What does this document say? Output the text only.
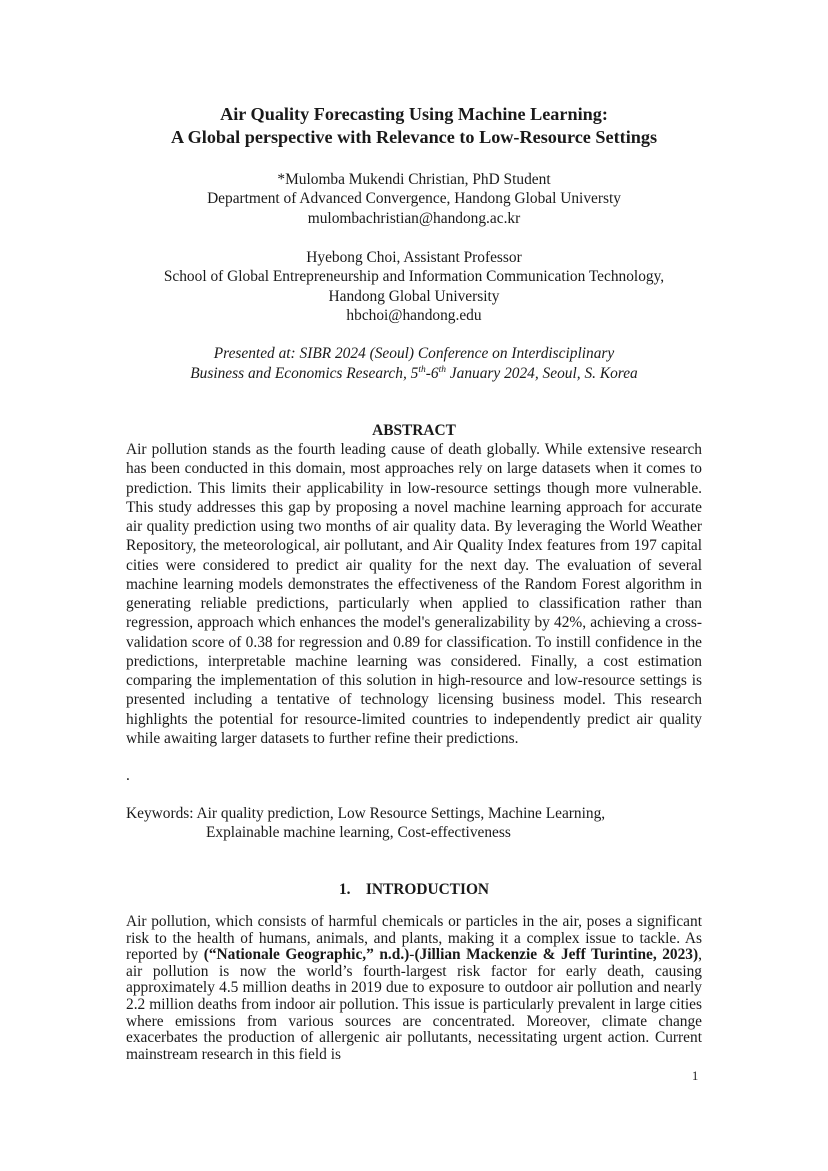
Air Quality Forecasting Using Machine Learning:
A Global perspective with Relevance to Low-Resource Settings
*Mulomba Mukendi Christian, PhD Student
Department of Advanced Convergence, Handong Global Universty
mulombachristian@handong.ac.kr
Hyebong Choi, Assistant Professor
School of Global Entrepreneurship and Information Communication Technology,
Handong Global University
hbchoi@handong.edu
Presented at: SIBR 2024 (Seoul) Conference on Interdisciplinary
Business and Economics Research, 5th-6th January 2024, Seoul, S. Korea
ABSTRACT
Air pollution stands as the fourth leading cause of death globally. While extensive research has been conducted in this domain, most approaches rely on large datasets when it comes to prediction. This limits their applicability in low-resource settings though more vulnerable. This study addresses this gap by proposing a novel machine learning approach for accurate air quality prediction using two months of air quality data. By leveraging the World Weather Repository, the meteorological, air pollutant, and Air Quality Index features from 197 capital cities were considered to predict air quality for the next day. The evaluation of several machine learning models demonstrates the effectiveness of the Random Forest algorithm in generating reliable predictions, particularly when applied to classification rather than regression, approach which enhances the model's generalizability by 42%, achieving a cross-validation score of 0.38 for regression and 0.89 for classification. To instill confidence in the predictions, interpretable machine learning was considered. Finally, a cost estimation comparing the implementation of this solution in high-resource and low-resource settings is presented including a tentative of technology licensing business model. This research highlights the potential for resource-limited countries to independently predict air quality while awaiting larger datasets to further refine their predictions.
.
Keywords: Air quality prediction, Low Resource Settings, Machine Learning,
Explainable machine learning, Cost-effectiveness
1.    INTRODUCTION
Air pollution, which consists of harmful chemicals or particles in the air, poses a significant risk to the health of humans, animals, and plants, making it a complex issue to tackle. As reported by (“Nationale Geographic,” n.d.)-(Jillian Mackenzie & Jeff Turintine, 2023), air pollution is now the world’s fourth-largest risk factor for early death, causing approximately 4.5 million deaths in 2019 due to exposure to outdoor air pollution and nearly 2.2 million deaths from indoor air pollution. This issue is particularly prevalent in large cities where emissions from various sources are concentrated. Moreover, climate change exacerbates the production of allergenic air pollutants, necessitating urgent action. Current mainstream research in this field is
1
